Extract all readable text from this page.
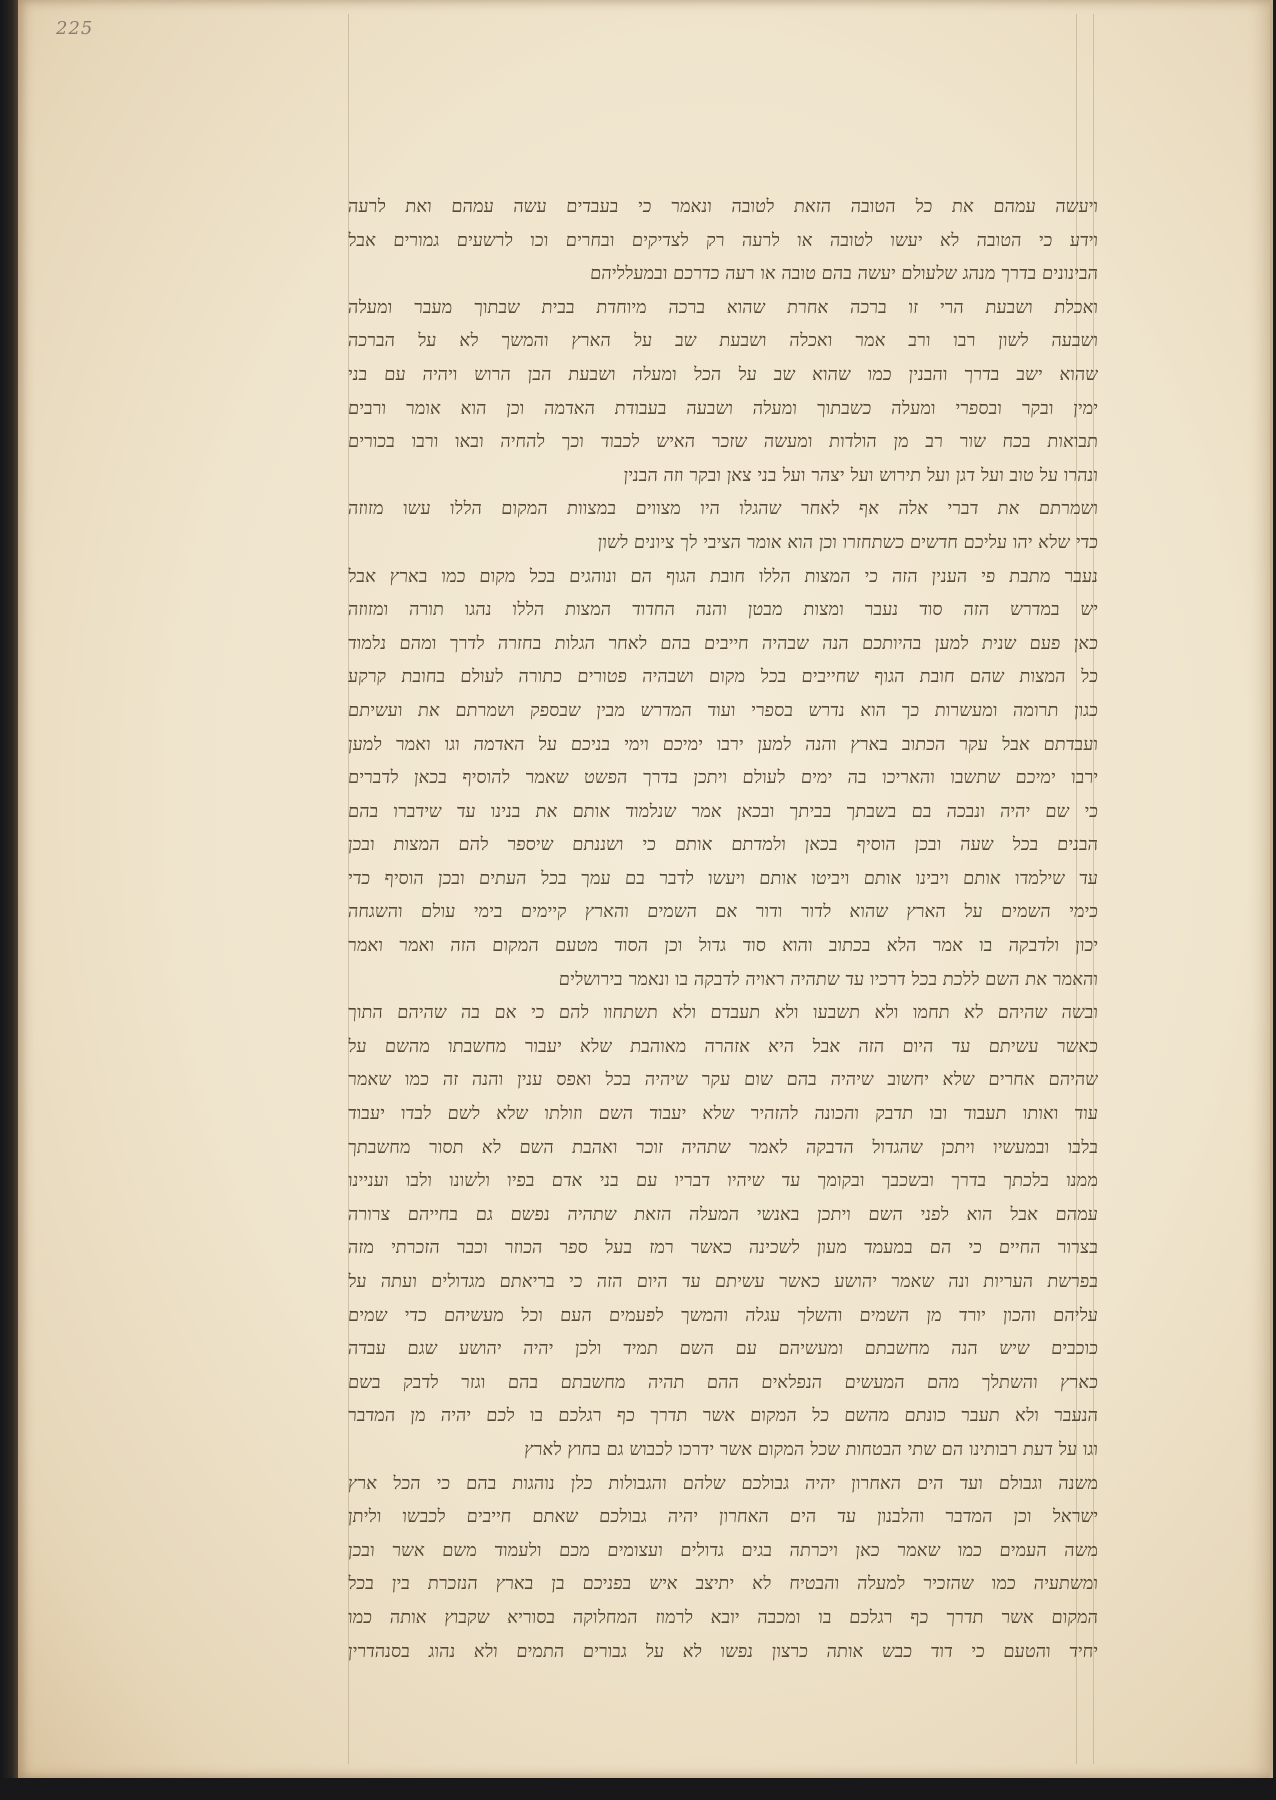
225
ויעשה עמהם את כל הטובה הזאת לטובה ונאמר כי בעבדים עשה עמהם ואת לרעה
וידע כי הטובה לא יעשו לטובה או לרעה רק לצדיקים ובחרים וכו לרשעים גמורים אבל
הבינונים בדרך מנהג שלעולם יעשה בהם טובה או רעה כדרכם ובמעלליהם
ואכלת ושבעת הרי זו ברכה אחרת שהוא ברכה מיוחדת בבית שבתוך מעבר ומעלה
ושבעה לשון רבו ורב אמר ואכלה ושבעת שב על הארץ והמשך לא על הברכה
שהוא ישב בדרך והבנין כמו שהוא שב על הכל ומעלה ושבעת הבן הרוש ויהיה עם בני
ימין ובקר ובספרי ומעלה כשבתוך ומעלה ושבעה בעבודת האדמה וכן הוא אומר ורבים
תבואות בכח שור רב מן הולדות ומעשה שזכר האיש לכבוד וכך להחיה ובאו ורבו בכורים
ונהרו על טוב ועל דגן ועל תירוש ועל יצהר ועל בני צאן ובקר וזה הבנין
ושמרתם את דברי אלה אף לאחר שהגלו היו מצווים במצוות המקום הללו עשו מזוזה
כדי שלא יהו עליכם חדשים כשתחזרו וכן הוא אומר הציבי לך ציונים לשון
נעבר מתבת פי הענין הזה כי המצות הללו חובת הגוף הם ונוהגים בכל מקום כמו בארץ אבל
יש במדרש הזה סוד נעבר ומצות מבטן והנה החדוד המצות הללו נהגו תורה ומזוזה
כאן פעם שנית למען בהיותכם הנה שבהיה חייבים בהם לאחר הגלות בחזרה לדרך ומהם נלמוד
כל המצות שהם חובת הגוף שחייבים בכל מקום ושבהיה פטורים כתורה לעולם בחובת קרקע
כגון תרומה ומעשרות כך הוא נדרש בספרי ועוד המדרש מבין שבספק ושמרתם את ועשיתם
ועבדתם אבל עקר הכתוב בארץ והנה למען ירבו ימיכם וימי בניכם על האדמה וגו ואמר למען
ירבו ימיכם שתשבו והאריכו בה ימים לעולם ויתכן בדרך הפשט שאמר להוסיף בכאן לדברים
כי שם יהיה ונבכה בם בשבתך בביתך ובכאן אמר שנלמוד אותם את בנינו עד שידברו בהם
הבנים בכל שעה ובכן הוסיף בכאן ולמדתם אותם כי ושננתם שיספר להם המצות ובכן
עד שילמדו אותם ויבינו אותם ויביטו אותם ויעשו לדבר בם עמך בכל העתים ובכן הוסיף כדי
כימי השמים על הארץ שהוא לדור ודור אם השמים והארץ קיימים בימי עולם והשגחה
יכון ולדבקה בו אמר הלא בכתוב והוא סוד גדול וכן הסוד מטעם המקום הזה ואמר ואמר
והאמר את השם ללכת בכל דרכיו עד שתהיה ראויה לדבקה בו ונאמר בירושלים
ובשה שהיהם לא תחמו ולא תשבעו ולא תעבדם ולא תשתחוו להם כי אם בה שהיהם התוך
כאשר עשיתם עד היום הזה אבל היא אזהרה מאוהבת שלא יעבור מחשבתו מהשם על
שהיהם אחרים שלא יחשוב שיהיה בהם שום עקר שיהיה בכל ואפס ענין והנה זה כמו שאמר
עוד ואותו תעבוד ובו תדבק והכונה להזהיר שלא יעבוד השם וזולתו שלא לשם לבדו יעבוד
בלבו ובמעשיו ויתכן שהגדול הדבקה לאמר שתהיה זוכר ואהבת השם לא תסור מחשבתך
ממנו בלכתך בדרך ובשכבך ובקומך עד שיהיו דבריו עם בני אדם בפיו ולשונו ולבו ועניינו
עמהם אבל הוא לפני השם ויתכן באנשי המעלה הזאת שתהיה נפשם גם בחייהם צרורה
בצרור החיים כי הם במעמד מעון לשכינה כאשר רמז בעל ספר הכוזר וכבר הזכרתי מזה
בפרשת העריות ונה שאמר יהושע כאשר עשיתם עד היום הזה כי בריאתם מגדולים ועתה על
עליהם והכון יורד מן השמים והשלך עגלה והמשך לפעמים העם וכל מעשיהם כדי שמים
כוכבים שיש הנה מחשבתם ומעשיהם עם השם תמיד ולכן יהיה יהושע שגם עבדה
כארץ והשתלך מהם המעשים הנפלאים ההם תהיה מחשבתם בהם וגזר לדבק בשם
הנעבר ולא תעבר כונתם מהשם כל המקום אשר תדרך כף רגלכם בו לכם יהיה מן המדבר
וגו על דעת רבותינו הם שתי הבטחות שכל המקום אשר ידרכו לכבוש גם בחוץ לארץ
משנה וגבולם ועד הים האחרון יהיה גבולכם שלהם והגבולות כלן נוהגות בהם כי הכל ארץ
ישראל וכן המדבר והלבנון עד הים האחרון יהיה גבולכם שאתם חייבים לכבשו וליתן
משה העמים כמו שאמר כאן ויכרתה בגים גדולים ועצומים מכם ולעמוד משם אשר ובכן
ומשתעיה כמו שהזכיר למעלה והבטיח לא יתיצב איש בפניכם בן בארץ הנזכרת בין בכל
המקום אשר תדרך כף רגלכם בו ומכבה יובא לרמוז המחלוקה בסוריא שקבוץ אותה כמו
יחיד והטעם כי דוד כבש אותה כרצון נפשו לא על גבורים התמים ולא נהוג בסנהדרין
